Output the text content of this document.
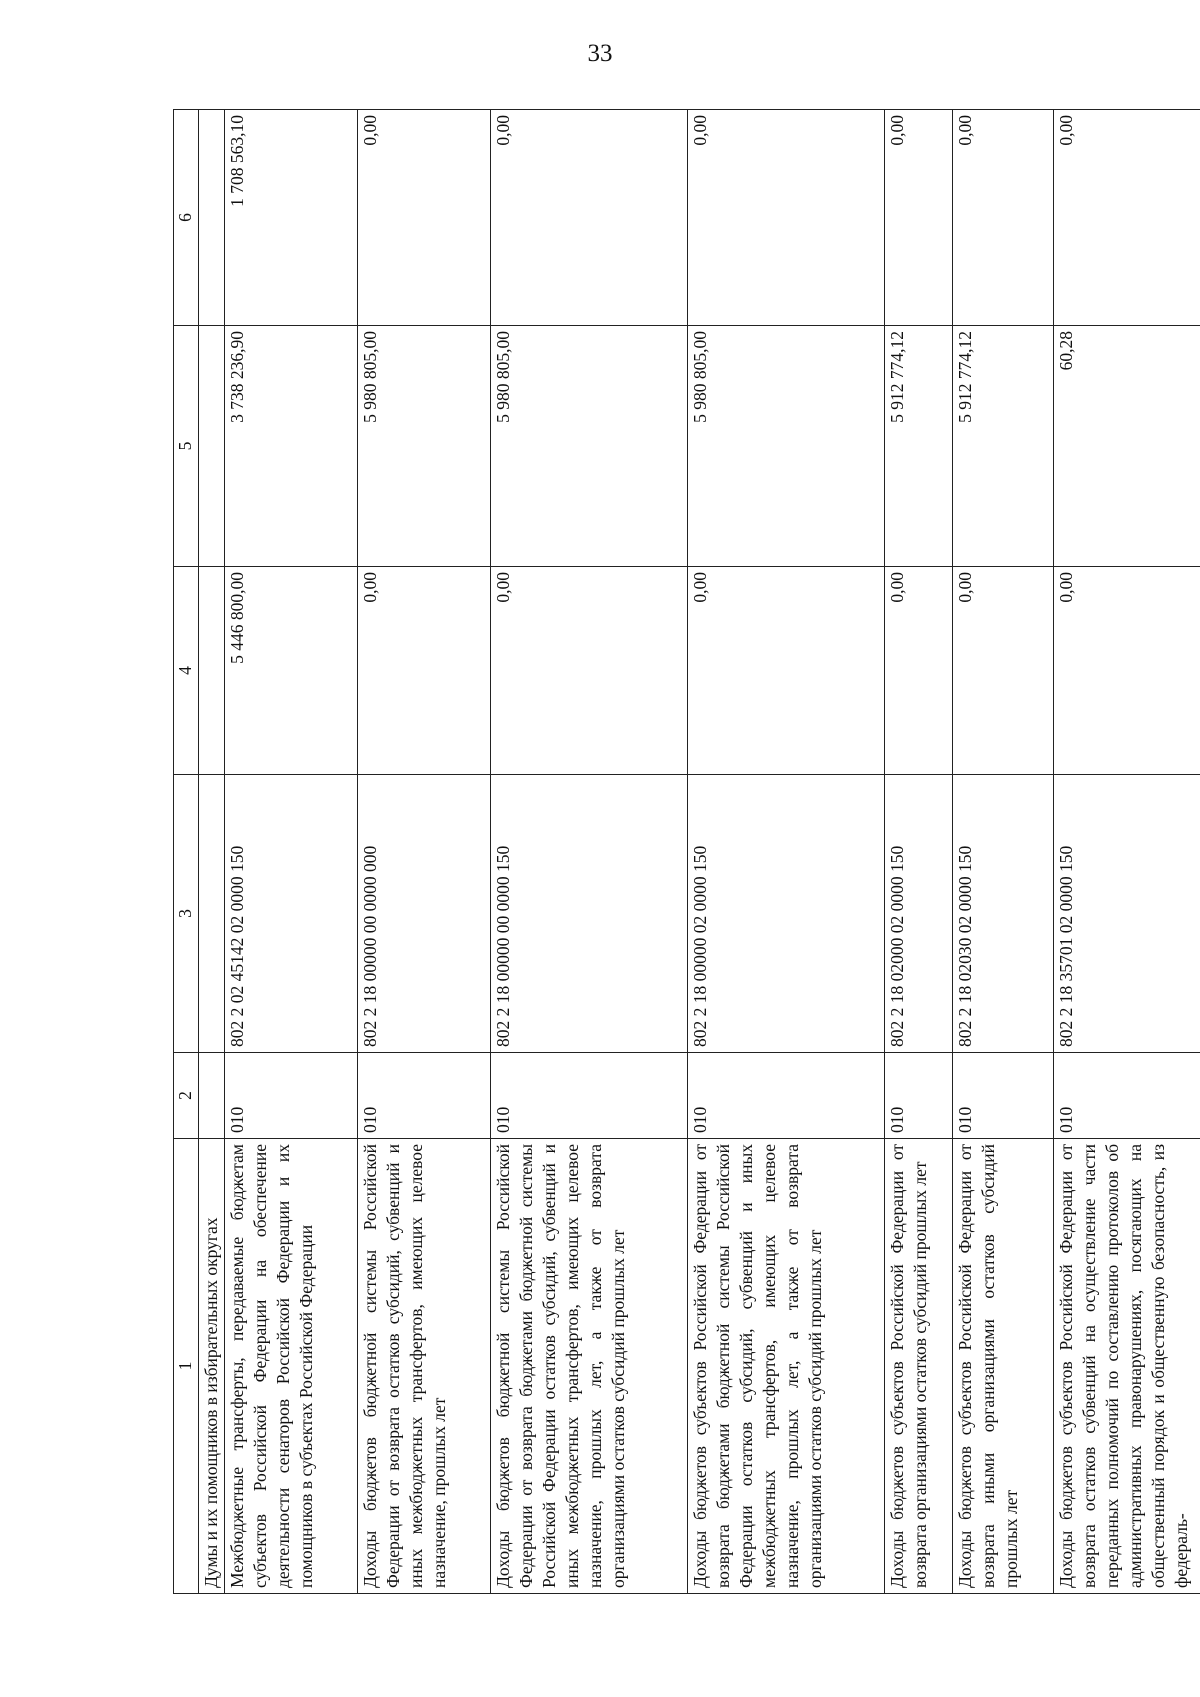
33
1	2	3	4	5	6
Думы и их помощников в избирательных округах					
Межбюджетные трансферты, передаваемые бюджетам субъектов Российской Федерации на обеспечение деятельности сенаторов Российской Федерации и их помощников в субъектах Российской Федерации	010	802 2 02 45142 02 0000 150	5 446 800,00	3 738 236,90	1 708 563,10
Доходы бюджетов бюджетной системы Российской Федерации от возврата остатков субсидий, субвенций и иных межбюджетных трансфертов, имеющих целевое назначение, прошлых лет	010	802 2 18 00000 00 0000 000	0,00	5 980 805,00	0,00
Доходы бюджетов бюджетной системы Российской Федерации от возврата бюджетами бюджетной системы Российской Федерации остатков субсидий, субвенций и иных межбюджетных трансфертов, имеющих целевое назначение, прошлых лет, а также от возврата организациями остатков субсидий прошлых лет	010	802 2 18 00000 00 0000 150	0,00	5 980 805,00	0,00
Доходы бюджетов субъектов Российской Федерации от возврата бюджетами бюджетной системы Российской Федерации остатков субсидий, субвенций и иных межбюджетных трансфертов, имеющих целевое назначение, прошлых лет, а также от возврата организациями остатков субсидий прошлых лет	010	802 2 18 00000 02 0000 150	0,00	5 980 805,00	0,00
Доходы бюджетов субъектов Российской Федерации от возврата организациями остатков субсидий прошлых лет	010	802 2 18 02000 02 0000 150	0,00	5 912 774,12	0,00
Доходы бюджетов субъектов Российской Федерации от возврата иными организациями остатков субсидий прошлых лет	010	802 2 18 02030 02 0000 150	0,00	5 912 774,12	0,00
Доходы бюджетов субъектов Российской Федерации от возврата остатков субвенций на осуществление части переданных полномочий по составлению протоколов об административных правонарушениях, посягающих на общественный порядок и общественную безопасность, из федераль-	010	802 2 18 35701 02 0000 150	0,00	60,28	0,00
